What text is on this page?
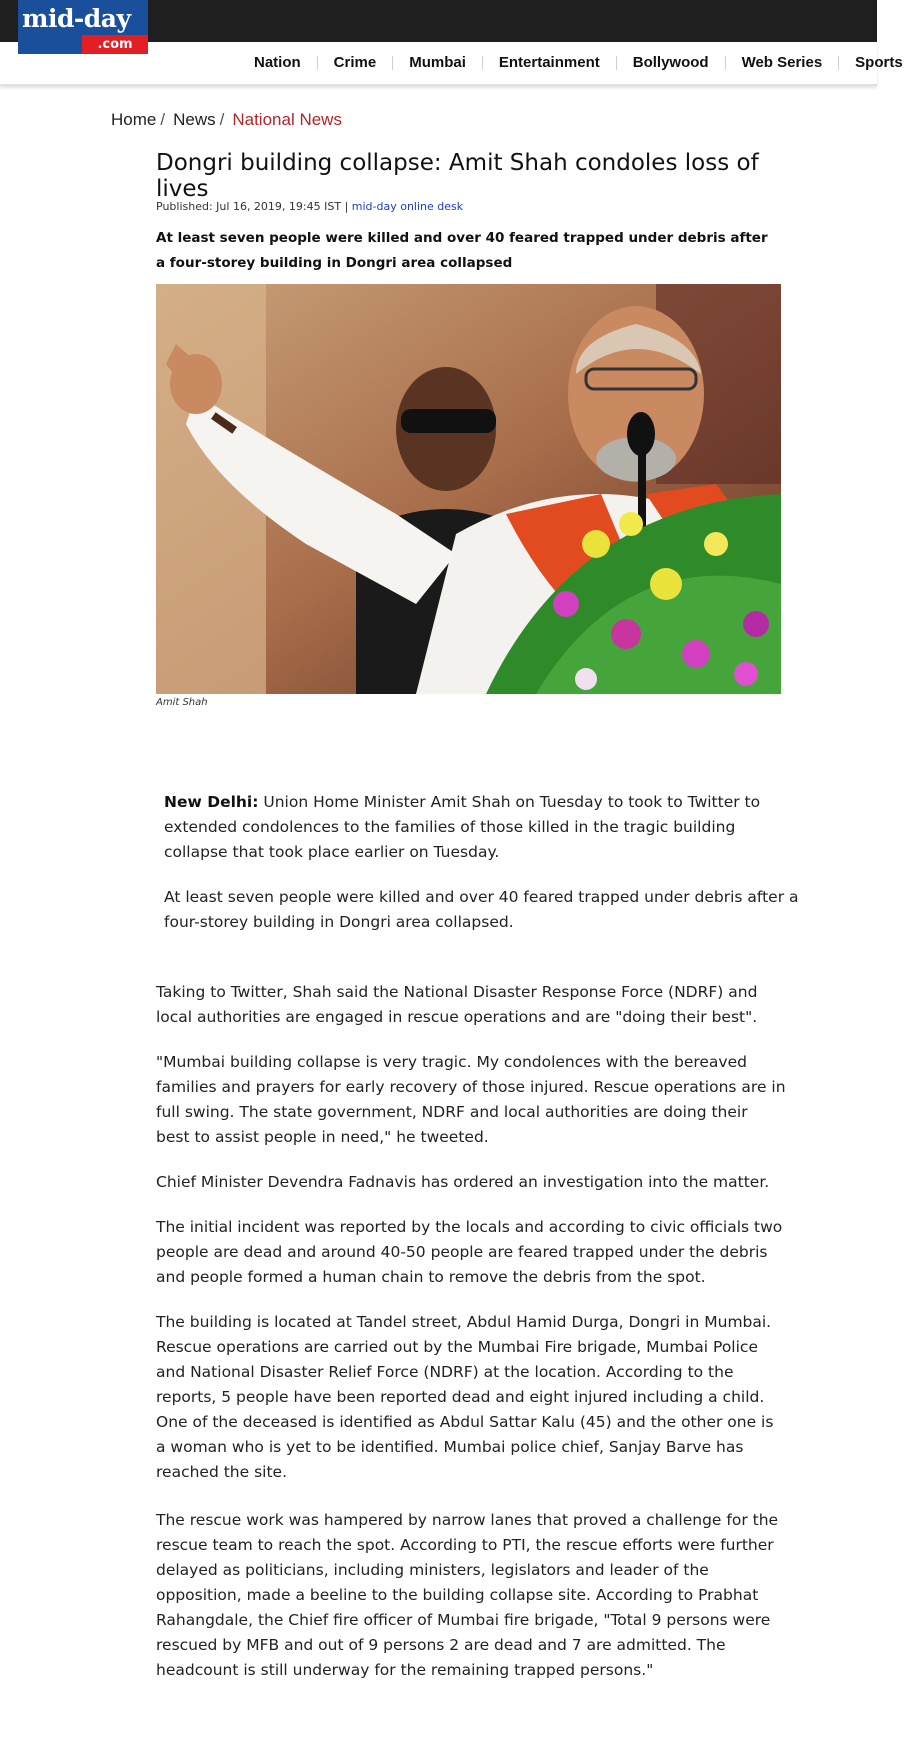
mid-day
.com
Nation	Crime	Mumbai	Entertainment	Bollywood	Web Series	Sports
Home / News / National News
Dongri building collapse: Amit Shah condoles loss of lives
Published: Jul 16, 2019, 19:45 IST | mid-day online desk

At least seven people were killed and over 40 feared trapped under debris after a four-storey building in Dongri area collapsed

Amit Shah

New Delhi: Union Home Minister Amit Shah on Tuesday to took to Twitter to extended condolences to the families of those killed in the tragic building collapse that took place earlier on Tuesday.

At least seven people were killed and over 40 feared trapped under debris after a four-storey building in Dongri area collapsed.

Taking to Twitter, Shah said the National Disaster Response Force (NDRF) and local authorities are engaged in rescue operations and are "doing their best".

"Mumbai building collapse is very tragic. My condolences with the bereaved families and prayers for early recovery of those injured. Rescue operations are in full swing. The state government, NDRF and local authorities are doing their best to assist people in need," he tweeted.

Chief Minister Devendra Fadnavis has ordered an investigation into the matter.

The initial incident was reported by the locals and according to civic officials two people are dead and around 40-50 people are feared trapped under the debris and people formed a human chain to remove the debris from the spot.

The building is located at Tandel street, Abdul Hamid Durga, Dongri in Mumbai. Rescue operations are carried out by the Mumbai Fire brigade, Mumbai Police and National Disaster Relief Force (NDRF) at the location. According to the reports, 5 people have been reported dead and eight injured including a child. One of the deceased is identified as Abdul Sattar Kalu (45) and the other one is a woman who is yet to be identified. Mumbai police chief, Sanjay Barve has reached the site.

The rescue work was hampered by narrow lanes that proved a challenge for the rescue team to reach the spot. According to PTI, the rescue efforts were further delayed as politicians, including ministers, legislators and leader of the opposition, made a beeline to the building collapse site. According to Prabhat Rahangdale, the Chief fire officer of Mumbai fire brigade, "Total 9 persons were rescued by MFB and out of 9 persons 2 are dead and 7 are admitted. The headcount is still underway for the remaining trapped persons."
